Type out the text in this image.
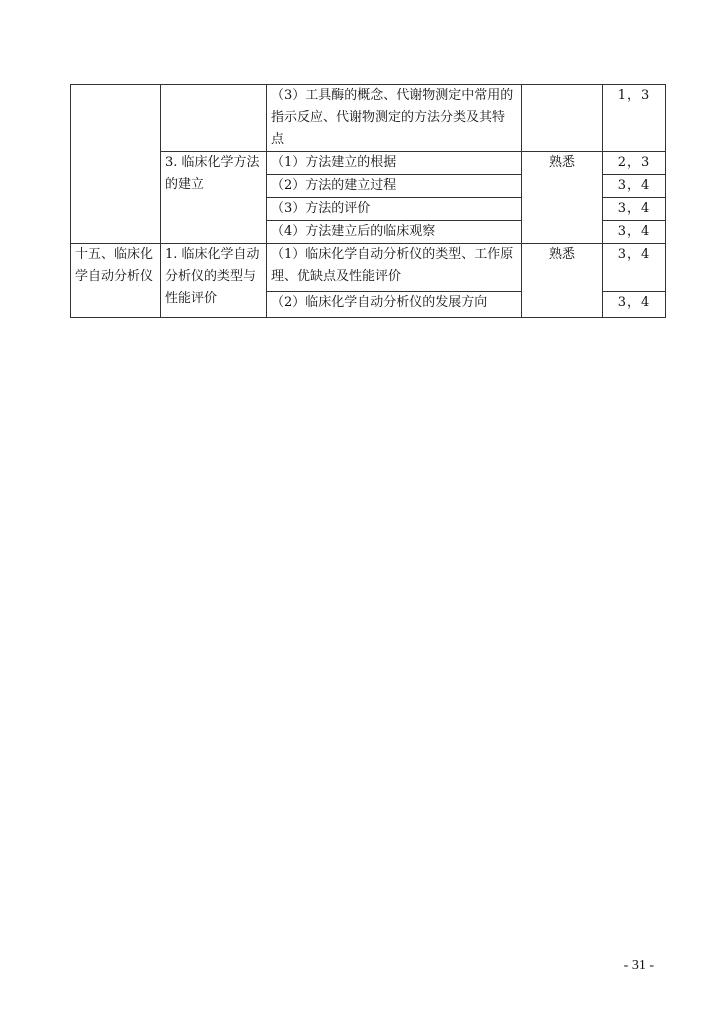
		（3）工具酶的概念、代谢物测定中常用的指示反应、代谢物测定的方法分类及其特点		1，3
	3. 临床化学方法的建立	（1）方法建立的根据	熟悉	2，3
		（2）方法的建立过程		3，4
		（3）方法的评价		3，4
		（4）方法建立后的临床观察		3，4
十五、临床化学自动分析仪	1. 临床化学自动分析仪的类型与性能评价	（1）临床化学自动分析仪的类型、工作原理、优缺点及性能评价	熟悉	3，4
		（2）临床化学自动分析仪的发展方向		3，4
- 31 -
